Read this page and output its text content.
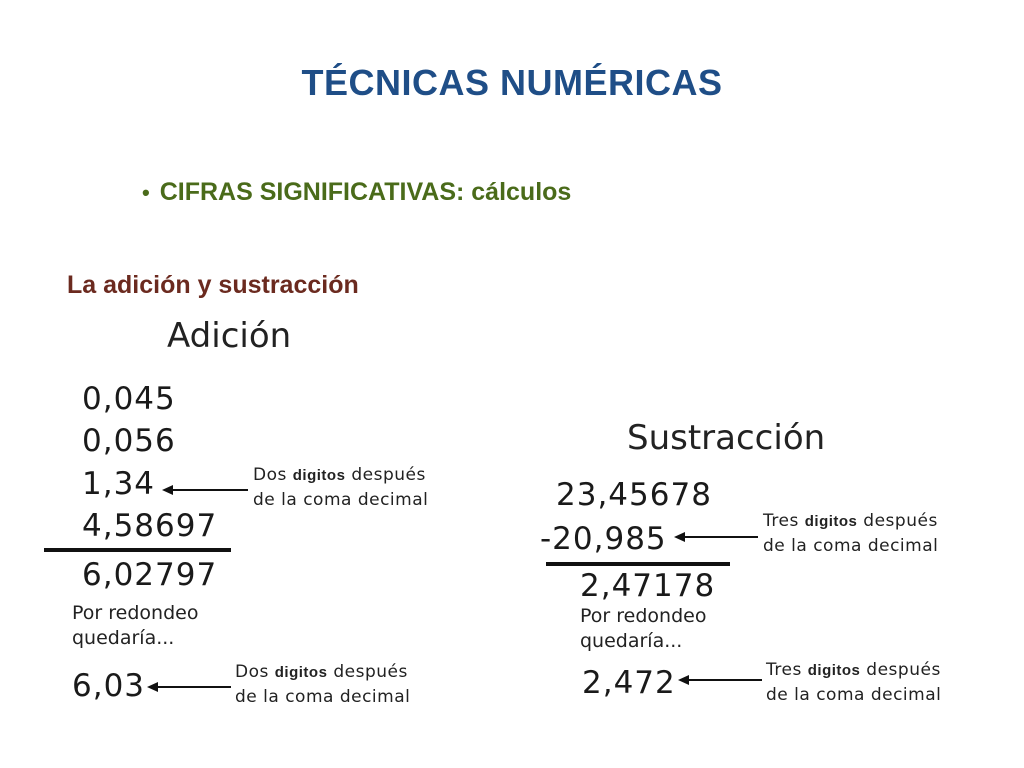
TÉCNICAS NUMÉRICAS
• CIFRAS SIGNIFICATIVAS: cálculos
La adición y sustracción
Adición
0,045
0,056
1,34
4,58697
6,02797
Por redondeo
quedaría...
6,03
Dos digitos después
de la coma decimal
Dos digitos después
de la coma decimal
Sustracción
23,45678
-20,985
2,47178
Por redondeo
quedaría...
2,472
Tres digitos después
de la coma decimal
Tres digitos después
de la coma decimal
